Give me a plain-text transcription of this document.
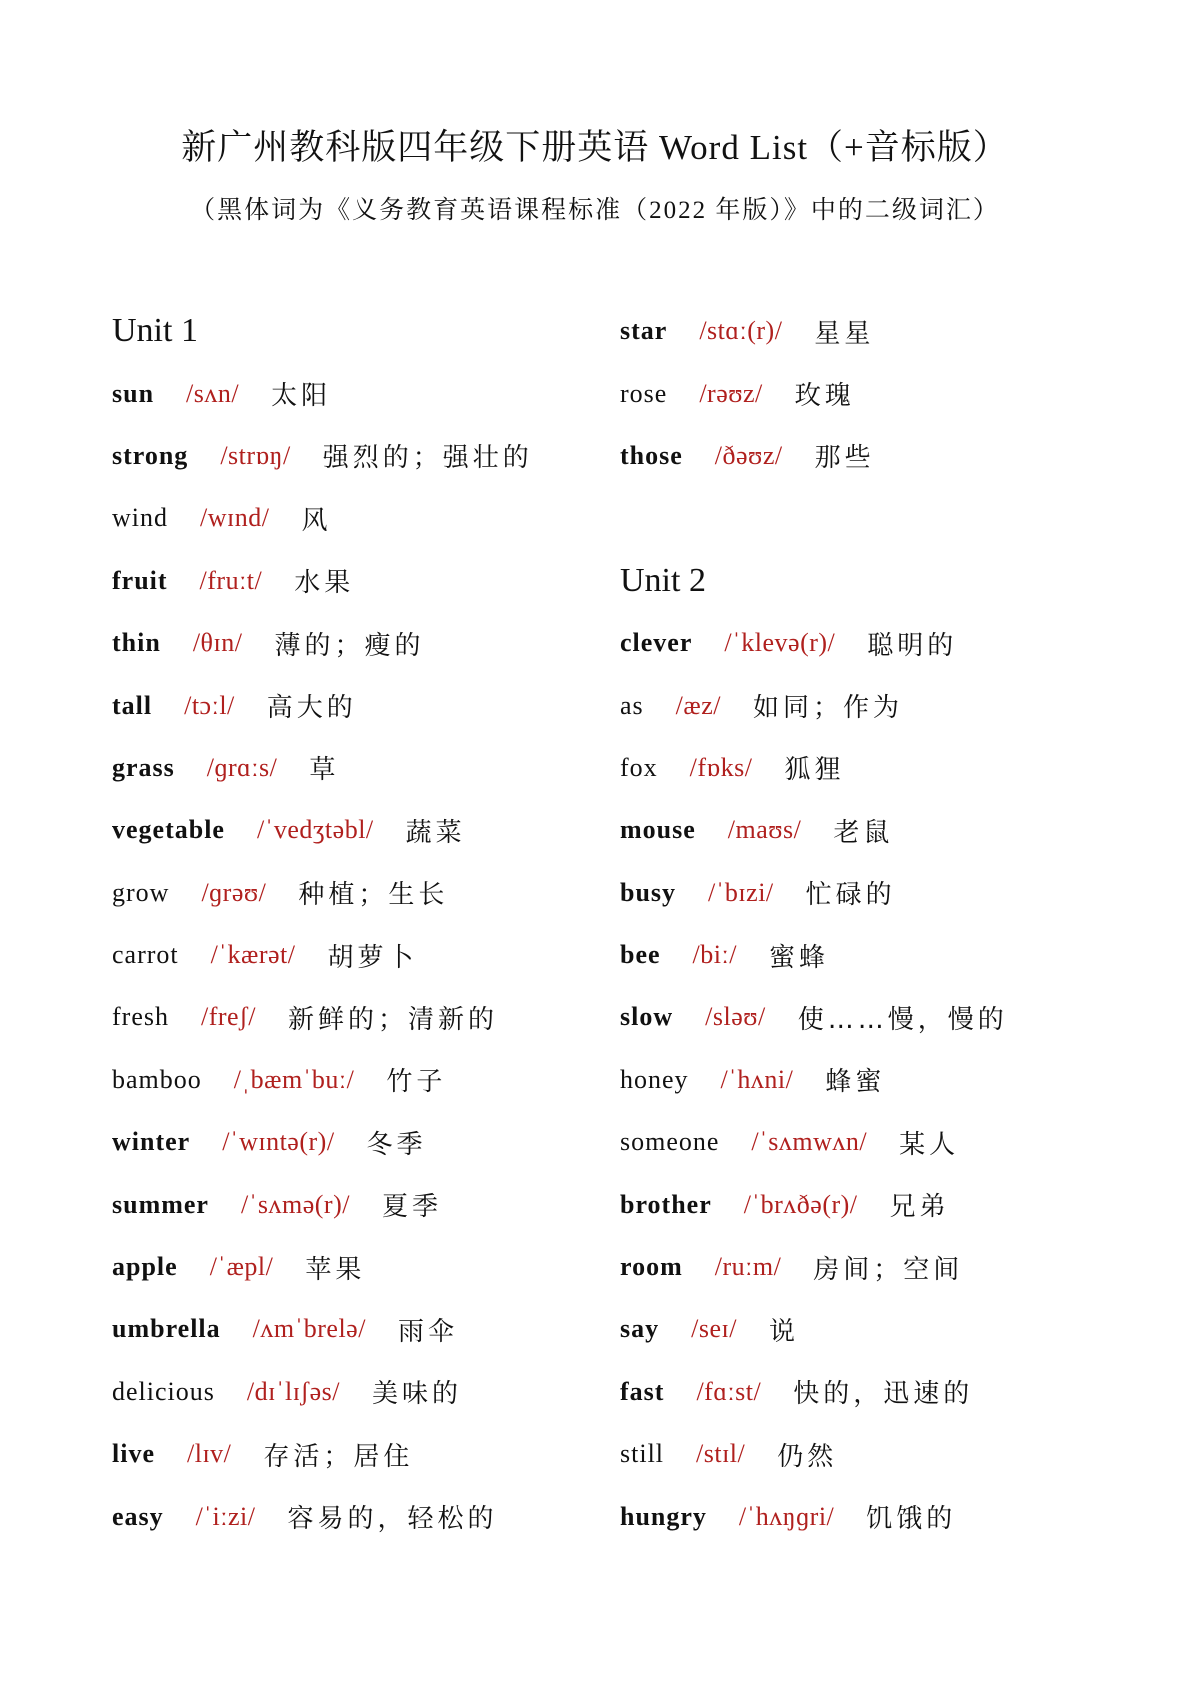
新广州教科版四年级下册英语 Word List（+音标版）
（黑体词为《义务教育英语课程标准（2022 年版）》中的二级词汇）
Unit 1
sun /sʌn/ 太阳
strong /strɒŋ/ 强烈的；强壮的
wind /wɪnd/ 风
fruit /fruːt/ 水果
thin /θɪn/ 薄的；瘦的
tall /tɔːl/ 高大的
grass /ɡrɑːs/ 草
vegetable /ˈvedʒtəbl/ 蔬菜
grow /ɡrəʊ/ 种植；生长
carrot /ˈkærət/ 胡萝卜
fresh /freʃ/ 新鲜的；清新的
bamboo /ˌbæmˈbuː/ 竹子
winter /ˈwɪntə(r)/ 冬季
summer /ˈsʌmə(r)/ 夏季
apple /ˈæpl/ 苹果
umbrella /ʌmˈbrelə/ 雨伞
delicious /dɪˈlɪʃəs/ 美味的
live /lɪv/ 存活；居住
easy /ˈiːzi/ 容易的，轻松的
star /stɑː(r)/ 星星
rose /rəʊz/ 玫瑰
those /ðəʊz/ 那些
Unit 2
clever /ˈklevə(r)/ 聪明的
as /æz/ 如同；作为
fox /fɒks/ 狐狸
mouse /maʊs/ 老鼠
busy /ˈbɪzi/ 忙碌的
bee /biː/ 蜜蜂
slow /sləʊ/ 使……慢，慢的
honey /ˈhʌni/ 蜂蜜
someone /ˈsʌmwʌn/ 某人
brother /ˈbrʌðə(r)/ 兄弟
room /ruːm/ 房间；空间
say /seɪ/ 说
fast /fɑːst/ 快的，迅速的
still /stɪl/ 仍然
hungry /ˈhʌŋɡri/ 饥饿的
